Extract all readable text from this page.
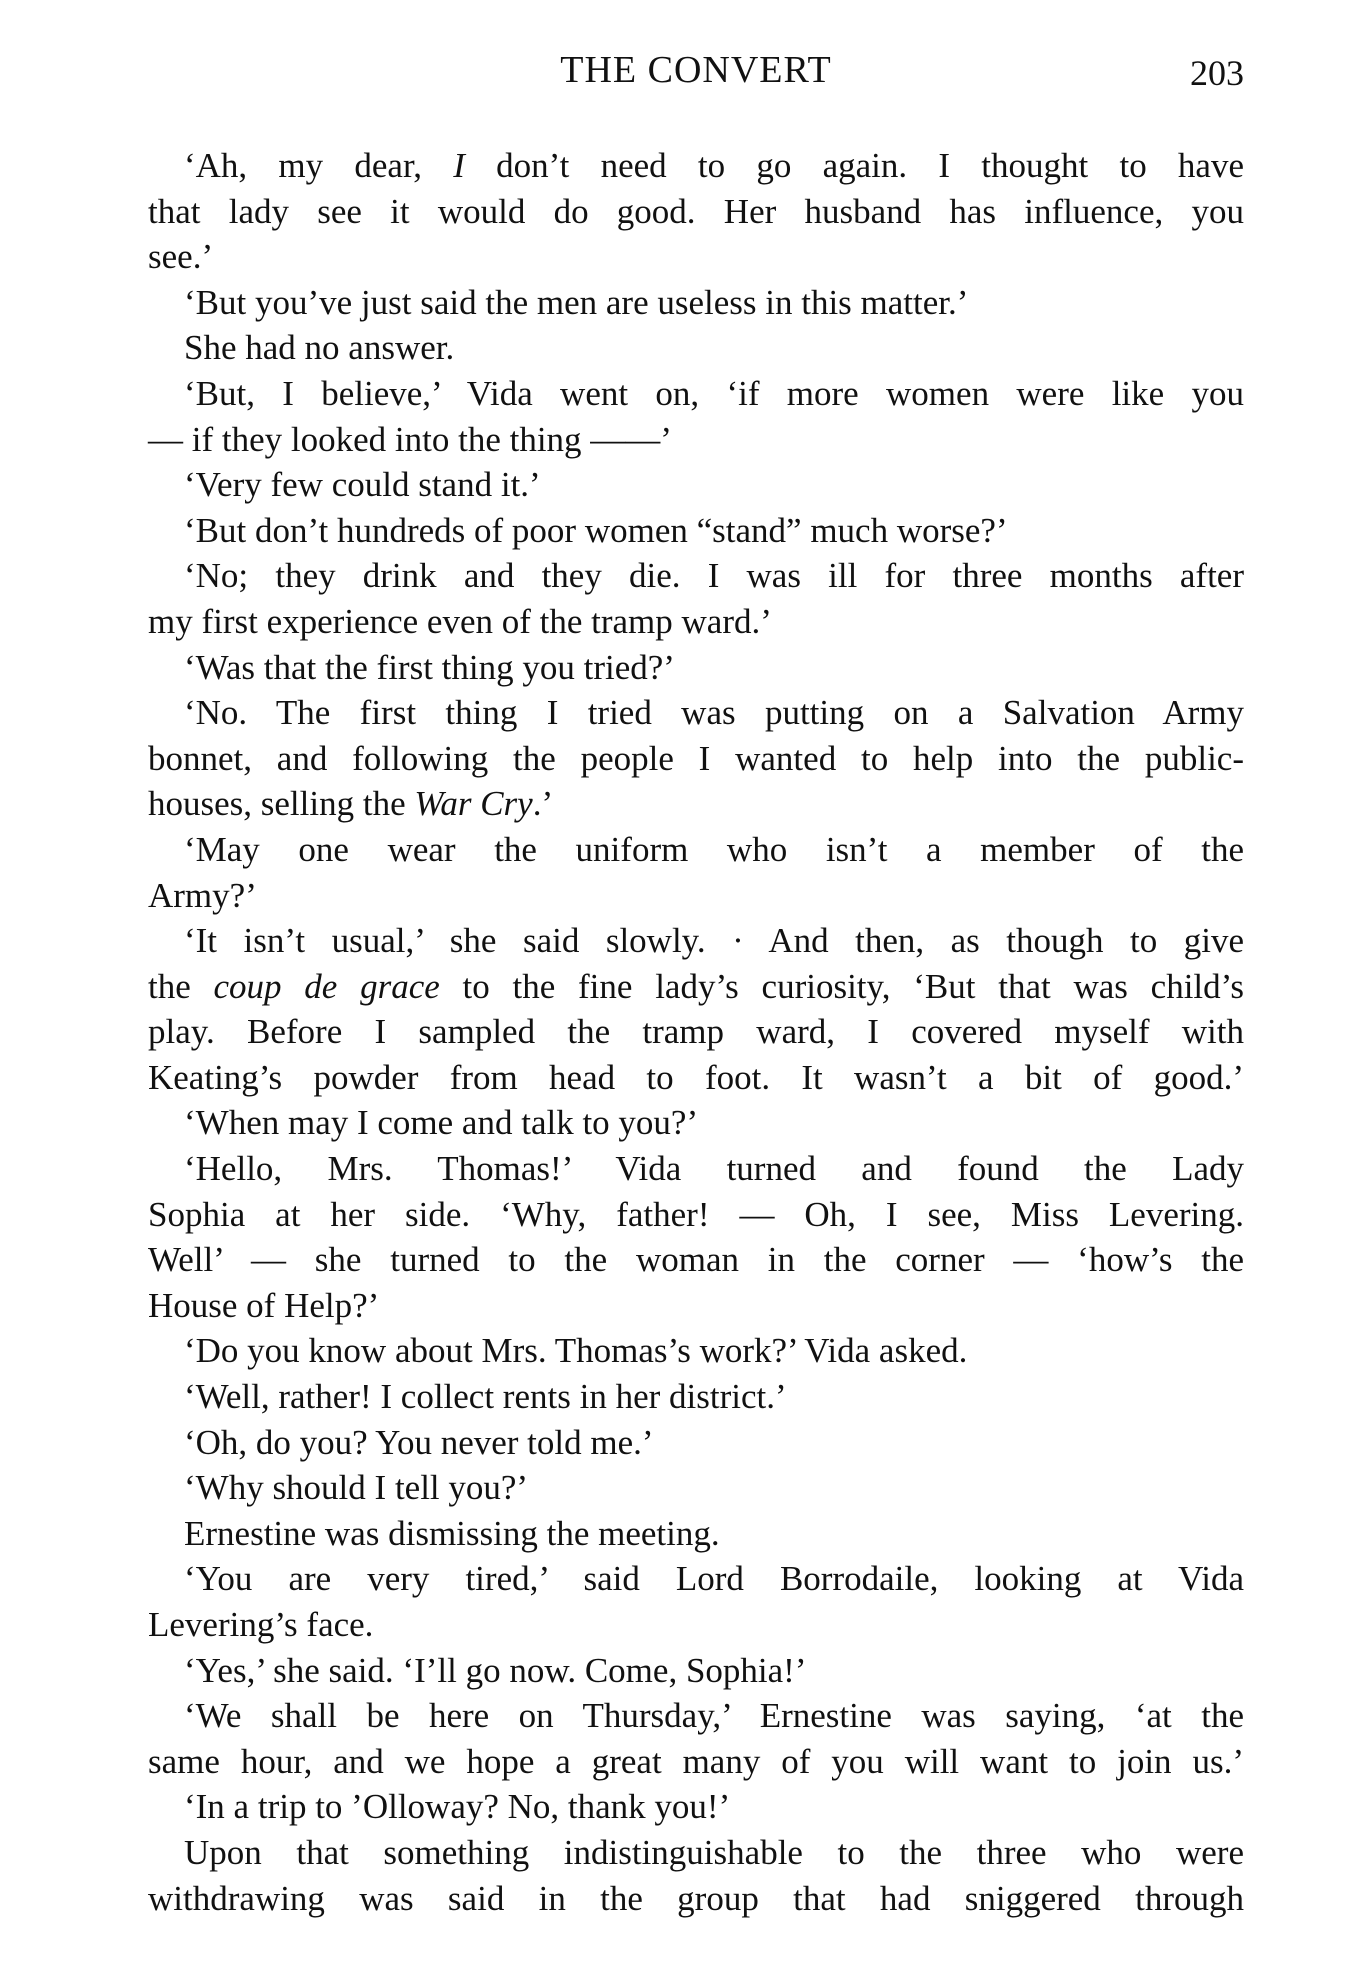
THE CONVERT	203
‘Ah, my dear, I don’t need to go again. I thought to have
that lady see it would do good. Her husband has influence, you
see.’
‘But you’ve just said the men are useless in this matter.’
She had no answer.
‘But, I believe,’ Vida went on, ‘if more women were like you
— if they looked into the thing ——’
‘Very few could stand it.’
‘But don’t hundreds of poor women “stand” much worse?’
‘No; they drink and they die. I was ill for three months after
my first experience even of the tramp ward.’
‘Was that the first thing you tried?’
‘No. The first thing I tried was putting on a Salvation Army
bonnet, and following the people I wanted to help into the public-
houses, selling the War Cry.’
‘May one wear the uniform who isn’t a member of the
Army?’
‘It isn’t usual,’ she said slowly. · And then, as though to give
the coup de grace to the fine lady’s curiosity, ‘But that was child’s
play. Before I sampled the tramp ward, I covered myself with
Keating’s powder from head to foot. It wasn’t a bit of good.’
‘When may I come and talk to you?’
‘Hello, Mrs. Thomas!’ Vida turned and found the Lady
Sophia at her side. ‘Why, father! — Oh, I see, Miss Levering.
Well’ — she turned to the woman in the corner — ‘how’s the
House of Help?’
‘Do you know about Mrs. Thomas’s work?’ Vida asked.
‘Well, rather! I collect rents in her district.’
‘Oh, do you? You never told me.’
‘Why should I tell you?’
Ernestine was dismissing the meeting.
‘You are very tired,’ said Lord Borrodaile, looking at Vida
Levering’s face.
‘Yes,’ she said. ‘I’ll go now. Come, Sophia!’
‘We shall be here on Thursday,’ Ernestine was saying, ‘at the
same hour, and we hope a great many of you will want to join us.’
‘In a trip to ’Olloway? No, thank you!’
Upon that something indistinguishable to the three who were
withdrawing was said in the group that had sniggered through
